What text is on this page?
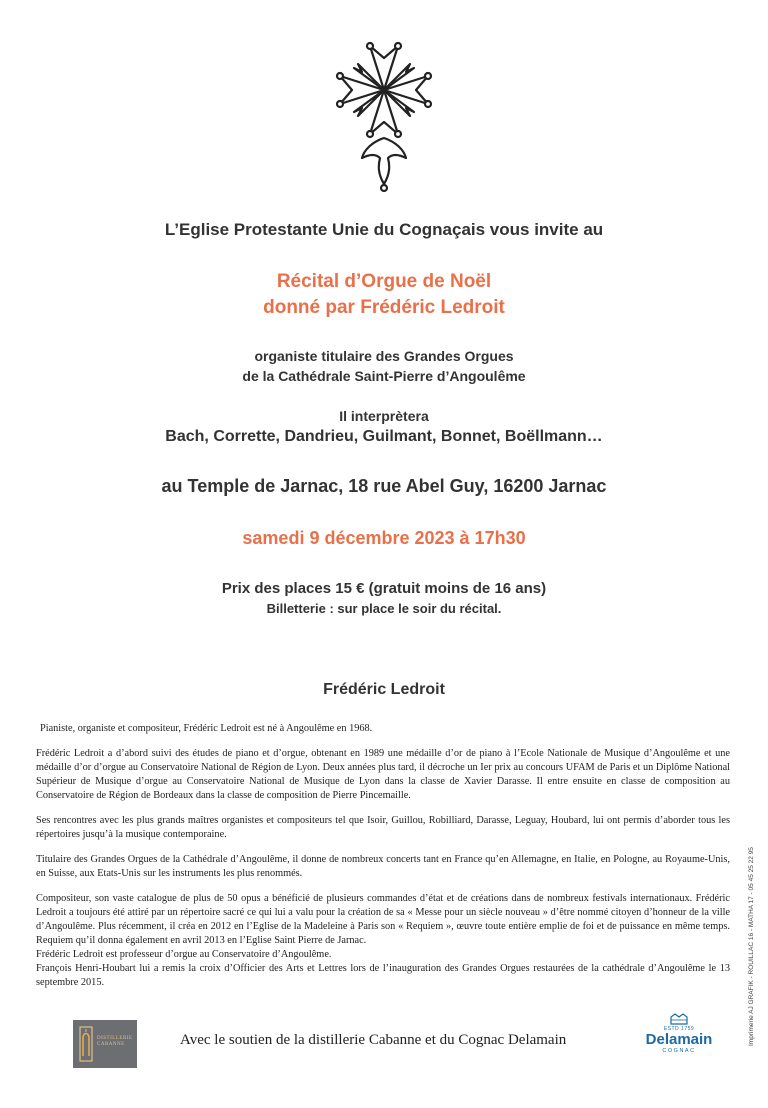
L’Eglise Protestante Unie du Cognaçais vous invite au
Récital d’Orgue de Noël
donné par Frédéric Ledroit
organiste titulaire des Grandes Orgues
de la Cathédrale Saint-Pierre d’Angoulême
Il interprètera
Bach, Corrette, Dandrieu, Guilmant, Bonnet, Boëllmann…
au Temple de Jarnac, 18 rue Abel Guy, 16200 Jarnac
samedi 9 décembre 2023 à 17h30
Prix des places 15 € (gratuit moins de 16 ans)
Billetterie : sur place le soir du récital.
Frédéric Ledroit

Pianiste, organiste et compositeur, Frédéric Ledroit est né à Angoulême en 1968.

Frédéric Ledroit a d’abord suivi des études de piano et d’orgue, obtenant en 1989 une médaille d’or de piano à l’Ecole Nationale de Musique d’Angoulême et une médaille d’or d’orgue au Conservatoire National de Région de Lyon. Deux années plus tard, il décroche un Ier prix au concours UFAM de Paris et un Diplôme National Supérieur de Musique d’orgue au Conservatoire National de Musique de Lyon dans la classe de Xavier Darasse. Il entre ensuite en classe de composition au Conservatoire de Région de Bordeaux dans la classe de composition de Pierre Pincemaille.

Ses rencontres avec les plus grands maîtres organistes et compositeurs tel que Isoir, Guillou, Robilliard, Darasse, Leguay, Houbard, lui ont permis d’aborder tous les répertoires jusqu’à la musique contemporaine.

Titulaire des Grandes Orgues de la Cathédrale d’Angoulême, il donne de nombreux concerts tant en France qu’en Allemagne, en Italie, en Pologne, au Royaume-Unis, en Suisse, aux Etats-Unis sur les instruments les plus renommés.

Compositeur, son vaste catalogue de plus de 50 opus a bénéficié de plusieurs commandes d’état et de créations dans de nombreux festivals internationaux. Frédéric Ledroit a toujours été attiré par un répertoire sacré ce qui lui a valu pour la création de sa « Messe pour un siècle nouveau » d’être nommé citoyen d’honneur de la ville d’Angoulême. Plus récemment, il créa en 2012 en l’Eglise de la Madeleine à Paris son « Requiem », œuvre toute entière emplie de foi et de puissance en même temps. Requiem qu’il donna également en avril 2013 en l’Eglise Saint Pierre de Jarnac.

Frédéric Ledroit est professeur d’orgue au Conservatoire d’Angoulême.

François Henri-Houbart lui a remis la croix d’Officier des Arts et Lettres lors de l’inauguration des Grandes Orgues restaurées de la cathédrale d’Angoulême le 13 septembre 2015.	Imprimerie AJ GRAFIK - ROUILLAC 16 - MATHA 17 - 05 45 25 22 95
DISTILLERIE CABANNE	Avec le soutien de la distillerie Cabanne et du Cognac Delamain
ESTD 1759
Delamain
COGNAC
